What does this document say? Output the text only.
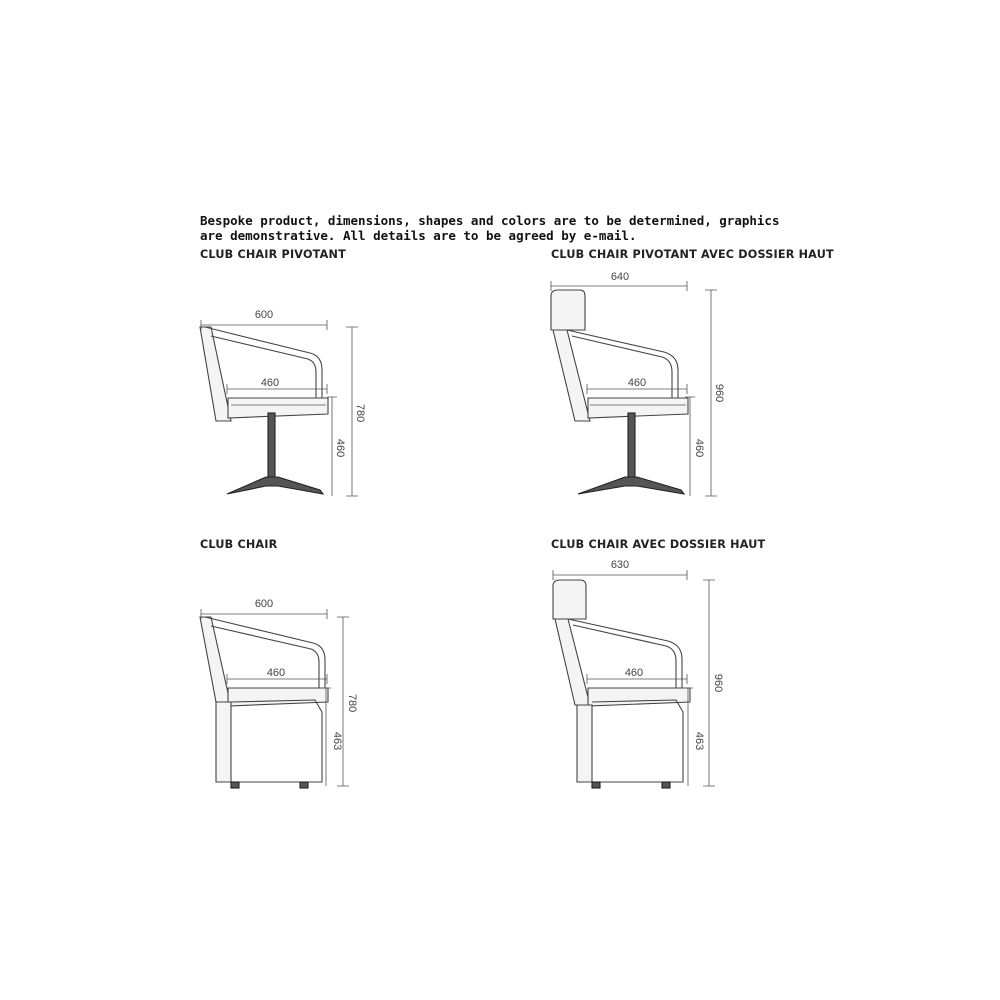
Bespoke product, dimensions, shapes and colors are to be determined, graphics
are demonstrative. All details are to be agreed by e-mail.
CLUB CHAIR PIVOTANT	CLUB CHAIR PIVOTANT AVEC DOSSIER HAUT
CLUB CHAIR	CLUB CHAIR AVEC DOSSIER HAUT
600
460
780
460
640
460
960
460
600
460
780
463
630
460
960
463
